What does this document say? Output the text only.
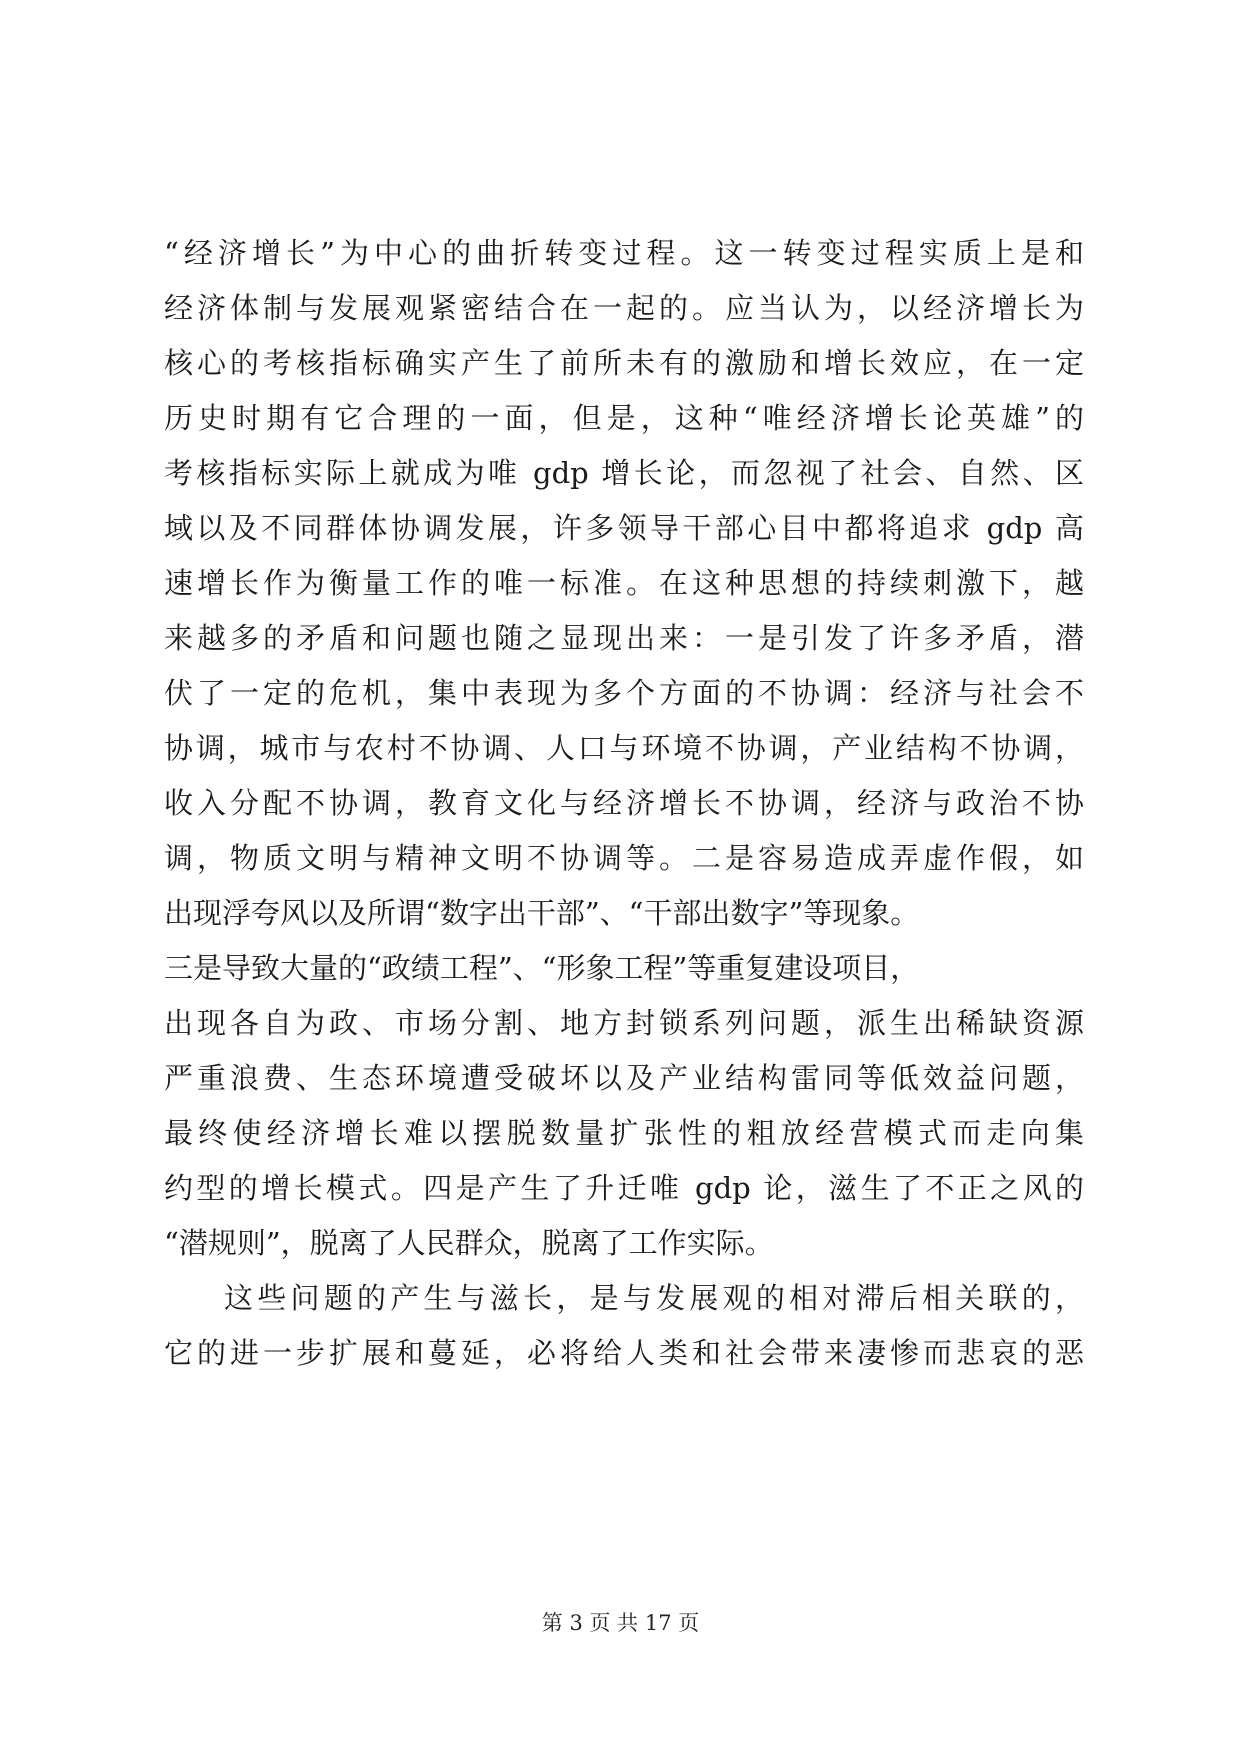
“经济增长”为中心的曲折转变过程。这一转变过程实质上是和
经济体制与发展观紧密结合在一起的。应当认为，以经济增长为
核心的考核指标确实产生了前所未有的激励和增长效应，在一定
历史时期有它合理的一面，但是，这种“唯经济增长论英雄”的
考核指标实际上就成为唯 gdp 增长论，而忽视了社会、自然、区
域以及不同群体协调发展，许多领导干部心目中都将追求 gdp 高
速增长作为衡量工作的唯一标准。在这种思想的持续刺激下，越
来越多的矛盾和问题也随之显现出来：一是引发了许多矛盾，潜
伏了一定的危机，集中表现为多个方面的不协调：经济与社会不
协调，城市与农村不协调、人口与环境不协调，产业结构不协调，
收入分配不协调，教育文化与经济增长不协调，经济与政治不协
调，物质文明与精神文明不协调等。二是容易造成弄虚作假，如
出现浮夸风以及所谓“数字出干部”、“干部出数字”等现象。
三是导致大量的“政绩工程”、“形象工程”等重复建设项目，
出现各自为政、市场分割、地方封锁系列问题，派生出稀缺资源
严重浪费、生态环境遭受破坏以及产业结构雷同等低效益问题，
最终使经济增长难以摆脱数量扩张性的粗放经营模式而走向集
约型的增长模式。四是产生了升迁唯 gdp 论，滋生了不正之风的
“潜规则”，脱离了人民群众，脱离了工作实际。
这些问题的产生与滋长，是与发展观的相对滞后相关联的，
它的进一步扩展和蔓延，必将给人类和社会带来凄惨而悲哀的恶
第 3 页 共 17 页
